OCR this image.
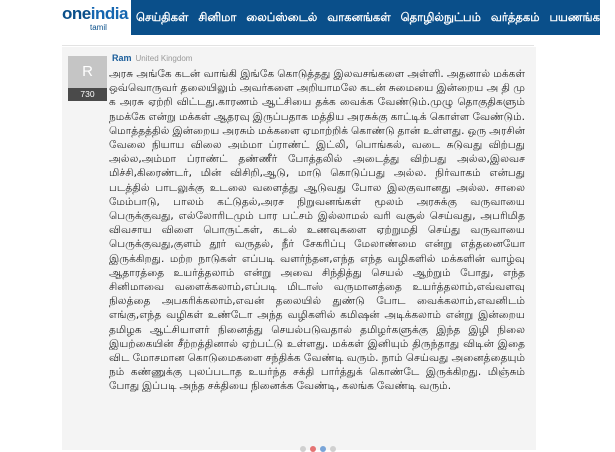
oneindia
tamil
செய்திகள் சினிமா லைப்ஸ்டைல் வாகனங்கள் தொழில்நுட்பம் வர்த்தகம் பயணங்கள்
R
730
Ram United Kingdom

அரசு அங்கே கடன் வாங்கி இங்கே கொடுத்தது இலவசங்களை அள்ளி. அதனால் மக்கள் ஒவ்வொருவர் தலையிலும் அவர்களை அறியாமலே கடன் சுமையை இன்றைய அ தி மு க அரசு ஏற்றி விட்டது.காரணம் ஆட்சியை தக்க வைக்க வேண்டும்.முழு தொகுதிகளும் நமக்கே என்று மக்கள் ஆதரவு இருப்பதாக மத்திய அரசுக்கு காட்டிக் கொள்ள வேண்டும். மொத்தத்தில் இன்றைய அரசும் மக்களை ஏமாற்றிக் கொண்டு தான் உள்ளது. ஒரு அரசின் வேலை நியாய விலை அம்மா ப்ராண்ட் இட்லி, பொங்கல், வடை சுடுவது விற்பது அல்ல,அம்மா ப்ராண்ட் தண்ணீர் போத்தலில் அடைத்து விற்பது அல்ல,இலவச மிச்சி,கிரைண்டர், மின் விசிறி,ஆடு, மாடு கொடுப்பது அல்ல. நிர்வாகம் என்பது படத்தில் பாடலுக்கு உடலை வளைத்து ஆடுவது போல இலகுவானது அல்ல. சாலை மேம்பாடு, பாலம் கட்டுதல்,அரச நிறுவனங்கள் மூலம் அரசுக்கு வருவாயை பெருக்குவது, எல்லோரிடமும் பார பட்சம் இல்லாமல் வரி வசூல் செய்வது, அபரிமித விவசாய விளை பொருட்கள், கடல் உணவுகளை ஏற்றுமதி செய்து வருவாயை பெருக்குவது,குளம் தூர் வருதல், நீர் சேகரிப்பு மேலாண்மை என்று எத்தனையோ இருக்கிறது. மற்ற நாடுகள் எப்படி வளர்ந்தன,எந்த எந்த வழிகளில் மக்களின் வாழ்வு ஆதாரத்தை உயர்த்தலாம் என்று அவை சிந்தித்து செயல் ஆற்றும் போது, எந்த சினிமாவை வளைக்கலாம்,எப்படி மிடாஸ் வருமானத்தை உயர்த்தலாம்,எவ்வளவு நிலத்தை அபகரிக்கலாம்,எவன் தலையில் துண்டு போட வைக்கலாம்,எவனிடம் எங்கு,எந்த வழிகள் உண்டோ அந்த வழிகளில் கமிஷன் அடிக்கலாம் என்று இன்றைய தமிழக ஆட்சியாளர் நினைத்து செயல்படுவதால் தமிழர்களுக்கு இந்த இழி நிலை இயற்கையின் சீற்றத்தினால் ஏற்பட்டு உள்ளது. மக்கள் இனியும் திருந்தாது விடின் இதை விட மோசமான கொடுமைகளை சந்திக்க வேண்டி வரும். நாம் செய்வது அனைத்தையும் நம் கண்ணுக்கு புலப்படாத உயர்ந்த சக்தி பார்த்துக் கொண்டே இருக்கிறது. மிஞ்சும் போது இப்படி அந்த சக்தியை நினைக்க வேண்டி, கலங்க வேண்டி வரும்.
